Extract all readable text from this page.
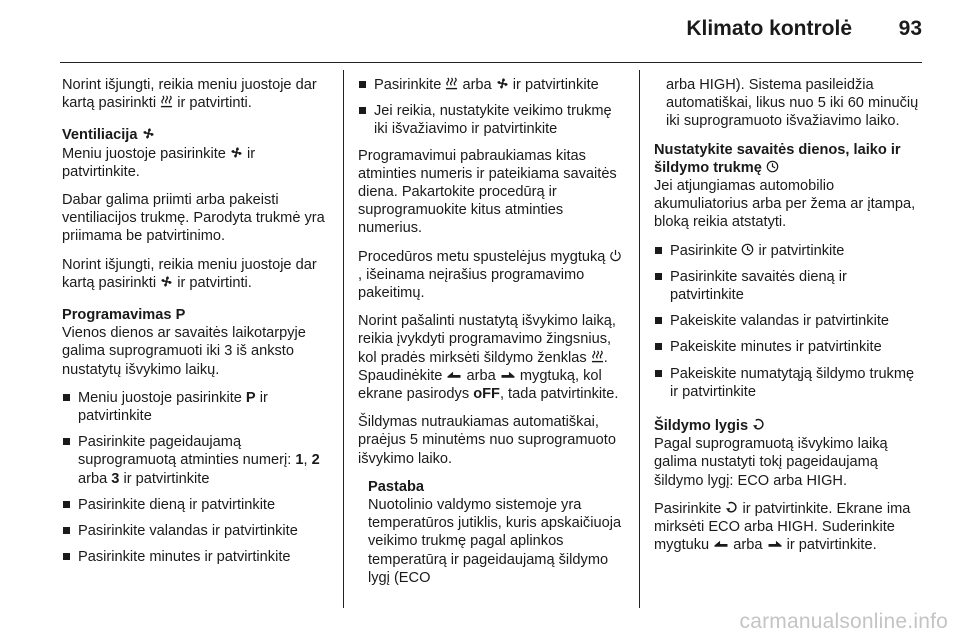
Klimato kontrolė 93

Norint išjungti, reikia meniu juostoje dar kartą pasirinkti ir patvirtinti.

Ventiliacija
Meniu juostoje pasirinkite ir patvirtinkite.

Dabar galima priimti arba pakeisti ventiliacijos trukmę. Parodyta trukmė yra priimama be patvirtinimo.

Norint išjungti, reikia meniu juostoje dar kartą pasirinkti ir patvirtinti.

Programavimas P
Vienos dienos ar savaitės laikotarpyje galima suprogramuoti iki 3 iš anksto nustatytų išvykimo laikų.

Meniu juostoje pasirinkite P ir patvirtinkite
Pasirinkite pageidaujamą suprogramuotą atminties numerį: 1, 2 arba 3 ir patvirtinkite
Pasirinkite dieną ir patvirtinkite
Pasirinkite valandas ir patvirtinkite
Pasirinkite minutes ir patvirtinkite
Pasirinkite arba ir patvirtinkite
Jei reikia, nustatykite veikimo trukmę iki išvažiavimo ir patvirtinkite

Programavimui pabraukiamas kitas atminties numeris ir pateikiama savaitės diena. Pakartokite procedūrą ir suprogramuokite kitus atminties numerius.

Procedūros metu spustelėjus mygtuką
, išeinama neįrašius programavimo pakeitimų.

Norint pašalinti nustatytą išvykimo laiką, reikia įvykdyti programavimo žingsnius, kol pradės mirksėti šildymo ženklas . Spaudinėkite arba mygtuką, kol ekrane pasirodys oFF, tada patvirtinkite.

Šildymas nutraukiamas automatiškai, praėjus 5 minutėms nuo suprogramuoto išvykimo laiko.

Pastaba
Nuotolinio valdymo sistemoje yra temperatūros jutiklis, kuris apskaičiuoja veikimo trukmę pagal aplinkos temperatūrą ir pageidaujamą šildymo lygį (ECO

arba HIGH). Sistema pasileidžia automatiškai, likus nuo 5 iki 60 minučių iki suprogramuoto išvažiavimo laiko.

Nustatykite savaitės dienos, laiko ir šildymo trukmę
Jei atjungiamas automobilio akumuliatorius arba per žema ar įtampa, bloką reikia atstatyti.

Pasirinkite ir patvirtinkite
Pasirinkite savaitės dieną ir patvirtinkite
Pakeiskite valandas ir patvirtinkite
Pakeiskite minutes ir patvirtinkite
Pakeiskite numatytąją šildymo trukmę ir patvirtinkite

Šildymo lygis
Pagal suprogramuotą išvykimo laiką galima nustatyti tokį pageidaujamą šildymo lygį: ECO arba HIGH.

Pasirinkite ir patvirtinkite. Ekrane ima mirksėti ECO arba HIGH. Suderinkite mygtuku arba ir patvirtinkite.

carmanualsonline.info
